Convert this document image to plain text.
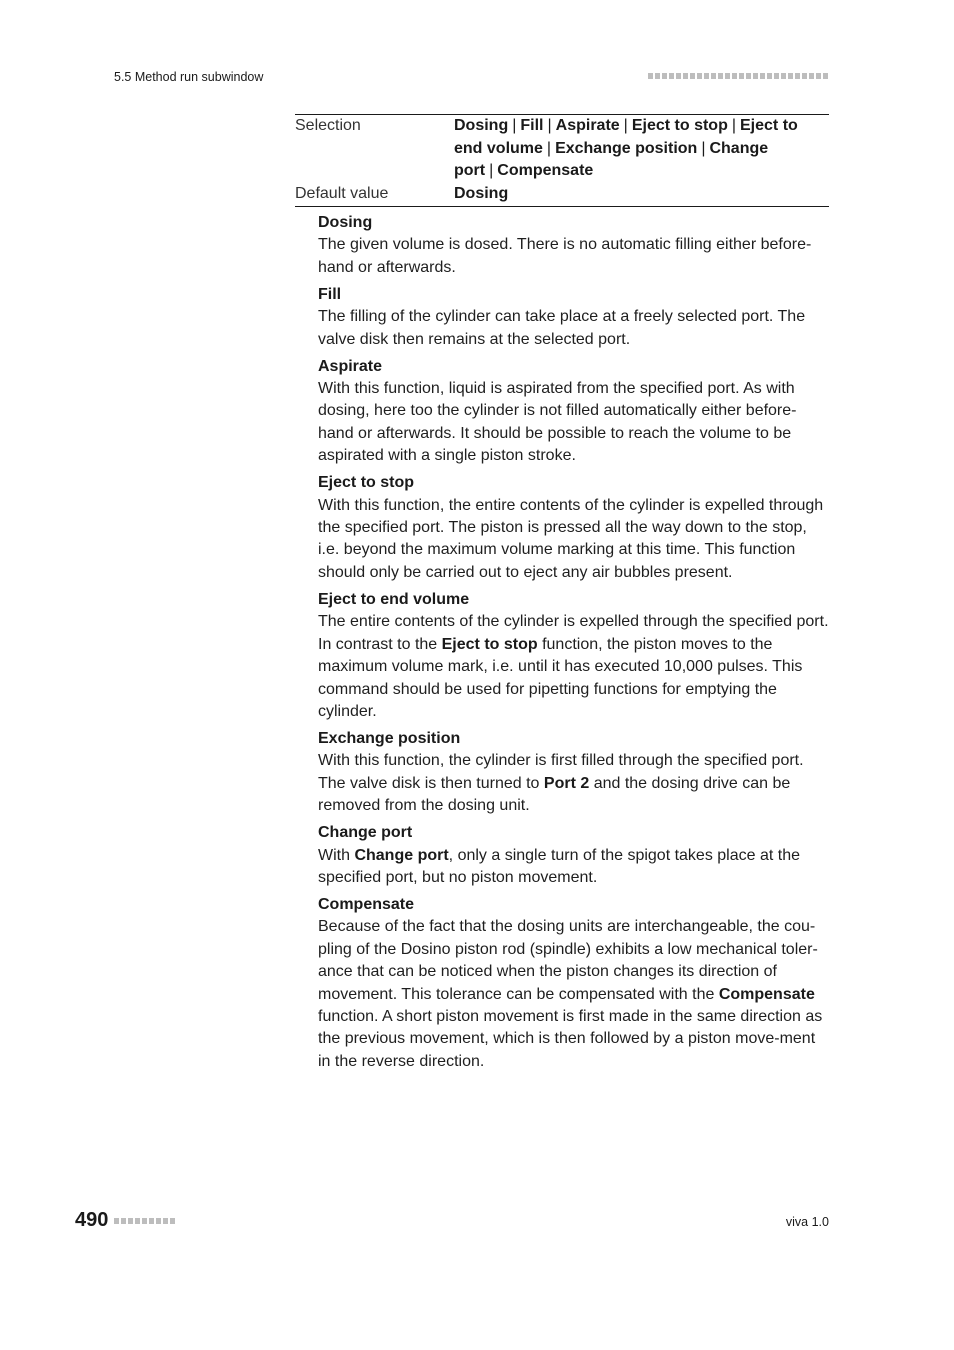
5.5 Method run subwindow
Selection	Dosing | Fill | Aspirate | Eject to stop | Eject to end volume | Exchange position | Change port | Compensate
Default value	Dosing
Dosing
The given volume is dosed. There is no automatic filling either before-hand or afterwards.
Fill
The filling of the cylinder can take place at a freely selected port. The valve disk then remains at the selected port.
Aspirate
With this function, liquid is aspirated from the specified port. As with dosing, here too the cylinder is not filled automatically either before-hand or afterwards. It should be possible to reach the volume to be aspirated with a single piston stroke.
Eject to stop
With this function, the entire contents of the cylinder is expelled through the specified port. The piston is pressed all the way down to the stop, i.e. beyond the maximum volume marking at this time. This function should only be carried out to eject any air bubbles present.
Eject to end volume
The entire contents of the cylinder is expelled through the specified port. In contrast to the Eject to stop function, the piston moves to the maximum volume mark, i.e. until it has executed 10,000 pulses. This command should be used for pipetting functions for emptying the cylinder.
Exchange position
With this function, the cylinder is first filled through the specified port. The valve disk is then turned to Port 2 and the dosing drive can be removed from the dosing unit.
Change port
With Change port, only a single turn of the spigot takes place at the specified port, but no piston movement.
Compensate
Because of the fact that the dosing units are interchangeable, the cou-pling of the Dosino piston rod (spindle) exhibits a low mechanical toler-ance that can be noticed when the piston changes its direction of movement. This tolerance can be compensated with the Compensate function. A short piston movement is first made in the same direction as the previous movement, which is then followed by a piston move-ment in the reverse direction.
490	viva 1.0
